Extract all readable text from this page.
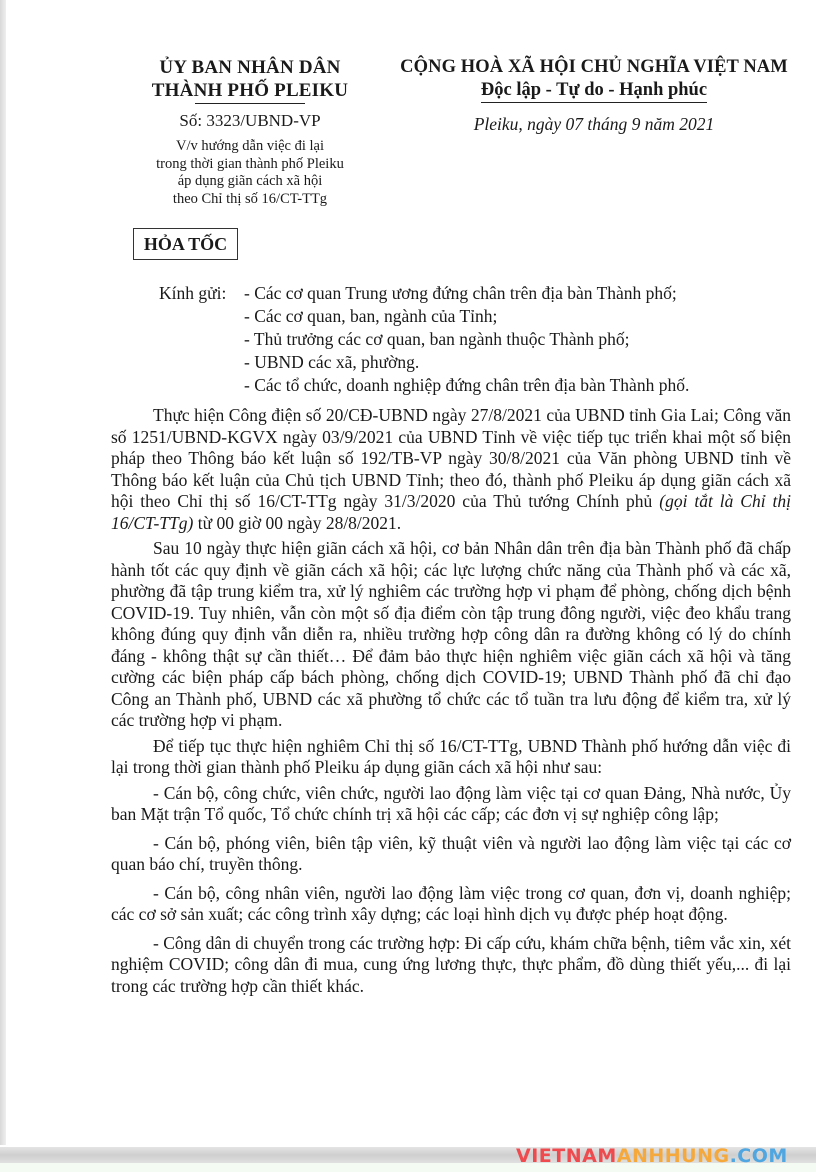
ỦY BAN NHÂN DÂN
THÀNH PHỐ PLEIKU
Số: 3323/UBND-VP
V/v hướng dẫn việc đi lại
trong thời gian thành phố Pleiku
áp dụng giãn cách xã hội
theo Chỉ thị số 16/CT-TTg
CỘNG HOÀ XÃ HỘI CHỦ NGHĨA VIỆT NAM
Độc lập - Tự do - Hạnh phúc
Pleiku, ngày 07 tháng 9 năm 2021
HỎA TỐC
Kính gửi: - Các cơ quan Trung ương đứng chân trên địa bàn Thành phố;
- Các cơ quan, ban, ngành của Tỉnh;
- Thủ trưởng các cơ quan, ban ngành thuộc Thành phố;
- UBND các xã, phường.
- Các tổ chức, doanh nghiệp đứng chân trên địa bàn Thành phố.

Thực hiện Công điện số 20/CĐ-UBND ngày 27/8/2021 của UBND tỉnh Gia Lai; Công văn số 1251/UBND-KGVX ngày 03/9/2021 của UBND Tỉnh về việc tiếp tục triển khai một số biện pháp theo Thông báo kết luận số 192/TB-VP ngày 30/8/2021 của Văn phòng UBND tỉnh về Thông báo kết luận của Chủ tịch UBND Tỉnh; theo đó, thành phố Pleiku áp dụng giãn cách xã hội theo Chỉ thị số 16/CT-TTg ngày 31/3/2020 của Thủ tướng Chính phủ (gọi tắt là Chỉ thị 16/CT-TTg) từ 00 giờ 00 ngày 28/8/2021.

Sau 10 ngày thực hiện giãn cách xã hội, cơ bản Nhân dân trên địa bàn Thành phố đã chấp hành tốt các quy định về giãn cách xã hội; các lực lượng chức năng của Thành phố và các xã, phường đã tập trung kiểm tra, xử lý nghiêm các trường hợp vi phạm để phòng, chống dịch bệnh COVID-19. Tuy nhiên, vẫn còn một số địa điểm còn tập trung đông người, việc đeo khẩu trang không đúng quy định vẫn diễn ra, nhiều trường hợp công dân ra đường không có lý do chính đáng - không thật sự cần thiết… Để đảm bảo thực hiện nghiêm việc giãn cách xã hội và tăng cường các biện pháp cấp bách phòng, chống dịch COVID-19; UBND Thành phố đã chỉ đạo Công an Thành phố, UBND các xã phường tổ chức các tổ tuần tra lưu động để kiểm tra, xử lý các trường hợp vi phạm.

Để tiếp tục thực hiện nghiêm Chỉ thị số 16/CT-TTg, UBND Thành phố hướng dẫn việc đi lại trong thời gian thành phố Pleiku áp dụng giãn cách xã hội như sau:

- Cán bộ, công chức, viên chức, người lao động làm việc tại cơ quan Đảng, Nhà nước, Ủy ban Mặt trận Tổ quốc, Tổ chức chính trị xã hội các cấp; các đơn vị sự nghiệp công lập;

- Cán bộ, phóng viên, biên tập viên, kỹ thuật viên và người lao động làm việc tại các cơ quan báo chí, truyền thông.

- Cán bộ, công nhân viên, người lao động làm việc trong cơ quan, đơn vị, doanh nghiệp; các cơ sở sản xuất; các công trình xây dựng; các loại hình dịch vụ được phép hoạt động.

- Công dân di chuyển trong các trường hợp: Đi cấp cứu, khám chữa bệnh, tiêm vắc xin, xét nghiệm COVID; công dân đi mua, cung ứng lương thực, thực phẩm, đồ dùng thiết yếu,... đi lại trong các trường hợp cần thiết khác.

VIETNAMANHHUNG.COM
